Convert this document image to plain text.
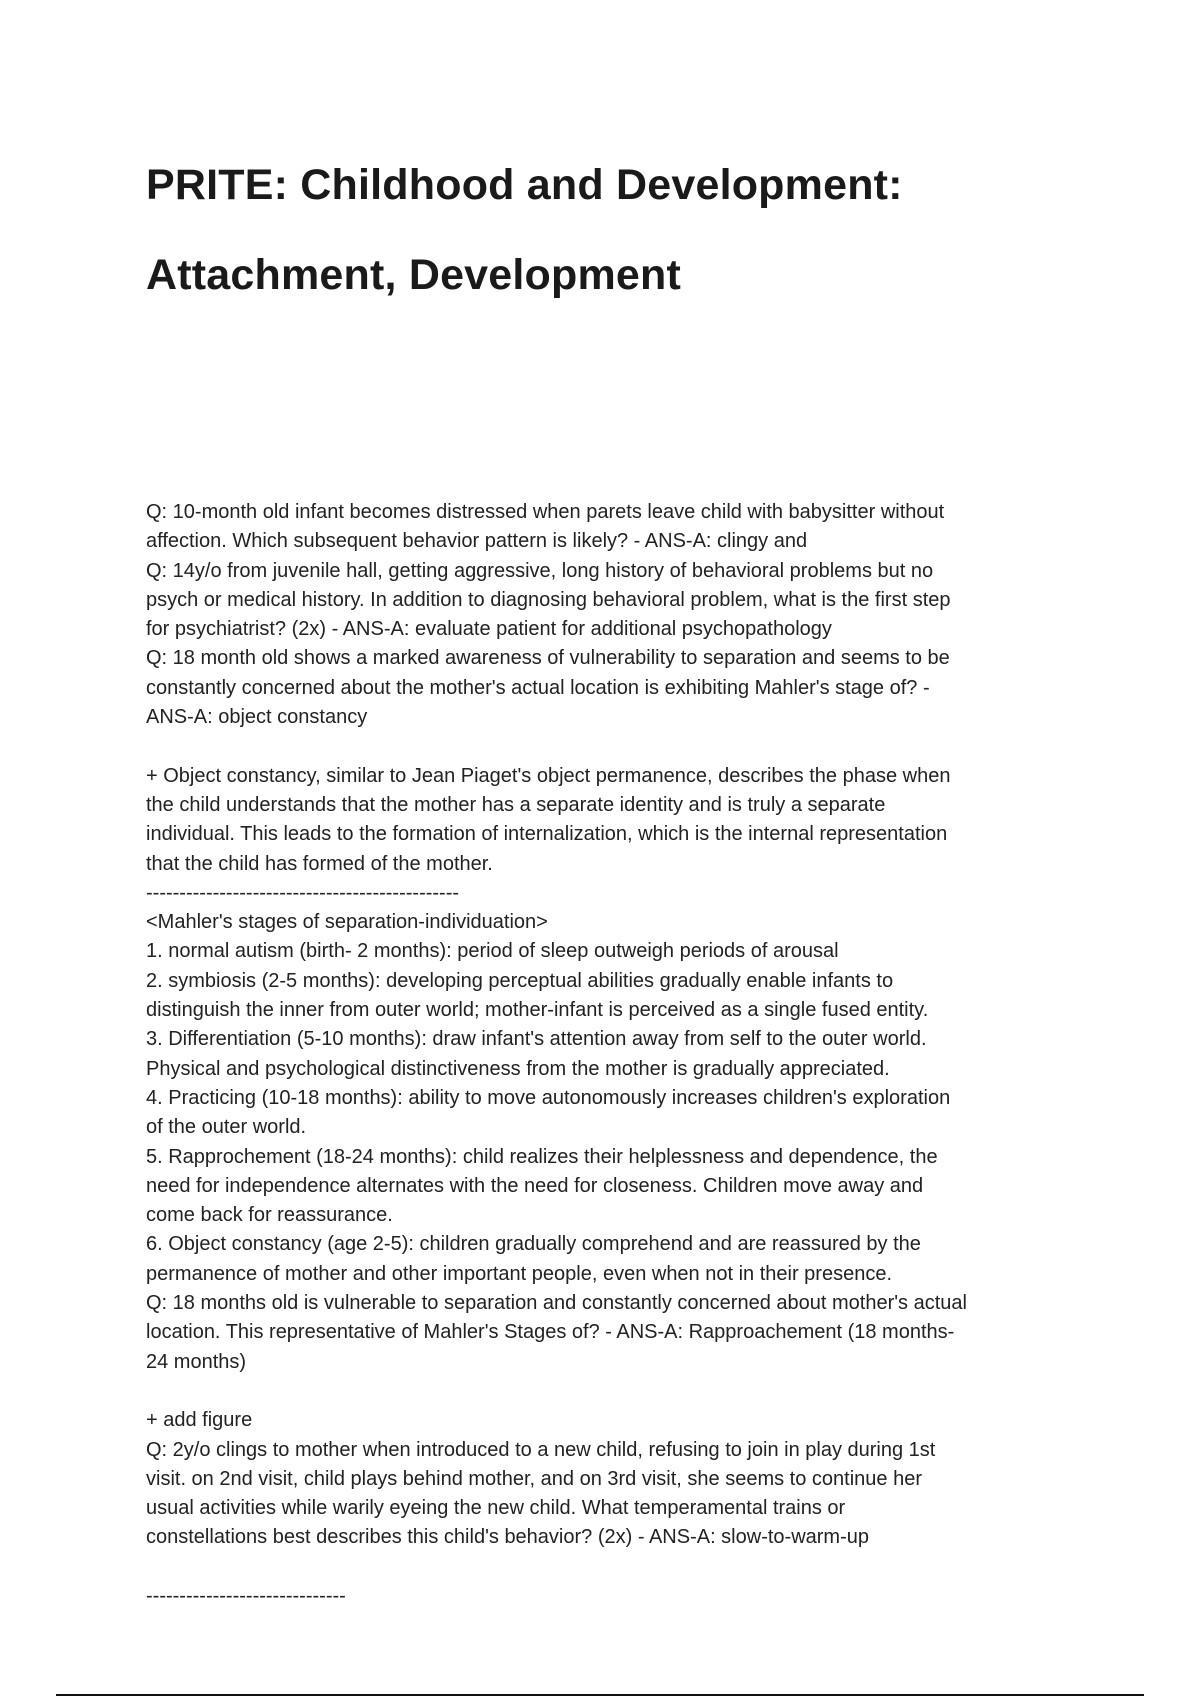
PRITE: Childhood and Development:
Attachment, Development
Q: 10-month old infant becomes distressed when parets leave child with babysitter without
affection. Which subsequent behavior pattern is likely? - ANS-A: clingy and
Q: 14y/o from juvenile hall, getting aggressive, long history of behavioral problems but no
psych or medical history. In addition to diagnosing behavioral problem, what is the first step
for psychiatrist? (2x) - ANS-A: evaluate patient for additional psychopathology
Q: 18 month old shows a marked awareness of vulnerability to separation and seems to be
constantly concerned about the mother's actual location is exhibiting Mahler's stage of? -
ANS-A: object constancy
+ Object constancy, similar to Jean Piaget's object permanence, describes the phase when
the child understands that the mother has a separate identity and is truly a separate
individual. This leads to the formation of internalization, which is the internal representation
that the child has formed of the mother.
-----------------------------------------------
<Mahler's stages of separation-individuation>
1. normal autism (birth- 2 months): period of sleep outweigh periods of arousal
2. symbiosis (2-5 months): developing perceptual abilities gradually enable infants to
distinguish the inner from outer world; mother-infant is perceived as a single fused entity.
3. Differentiation (5-10 months): draw infant's attention away from self to the outer world.
Physical and psychological distinctiveness from the mother is gradually appreciated.
4. Practicing (10-18 months): ability to move autonomously increases children's exploration
of the outer world.
5. Rapprochement (18-24 months): child realizes their helplessness and dependence, the
need for independence alternates with the need for closeness. Children move away and
come back for reassurance.
6. Object constancy (age 2-5): children gradually comprehend and are reassured by the
permanence of mother and other important people, even when not in their presence.
Q: 18 months old is vulnerable to separation and constantly concerned about mother's actual
location. This representative of Mahler's Stages of? - ANS-A: Rapproachement (18 months-
24 months)
+ add figure
Q: 2y/o clings to mother when introduced to a new child, refusing to join in play during 1st
visit. on 2nd visit, child plays behind mother, and on 3rd visit, she seems to continue her
usual activities while warily eyeing the new child. What temperamental trains or
constellations best describes this child's behavior? (2x) - ANS-A: slow-to-warm-up
------------------------------
